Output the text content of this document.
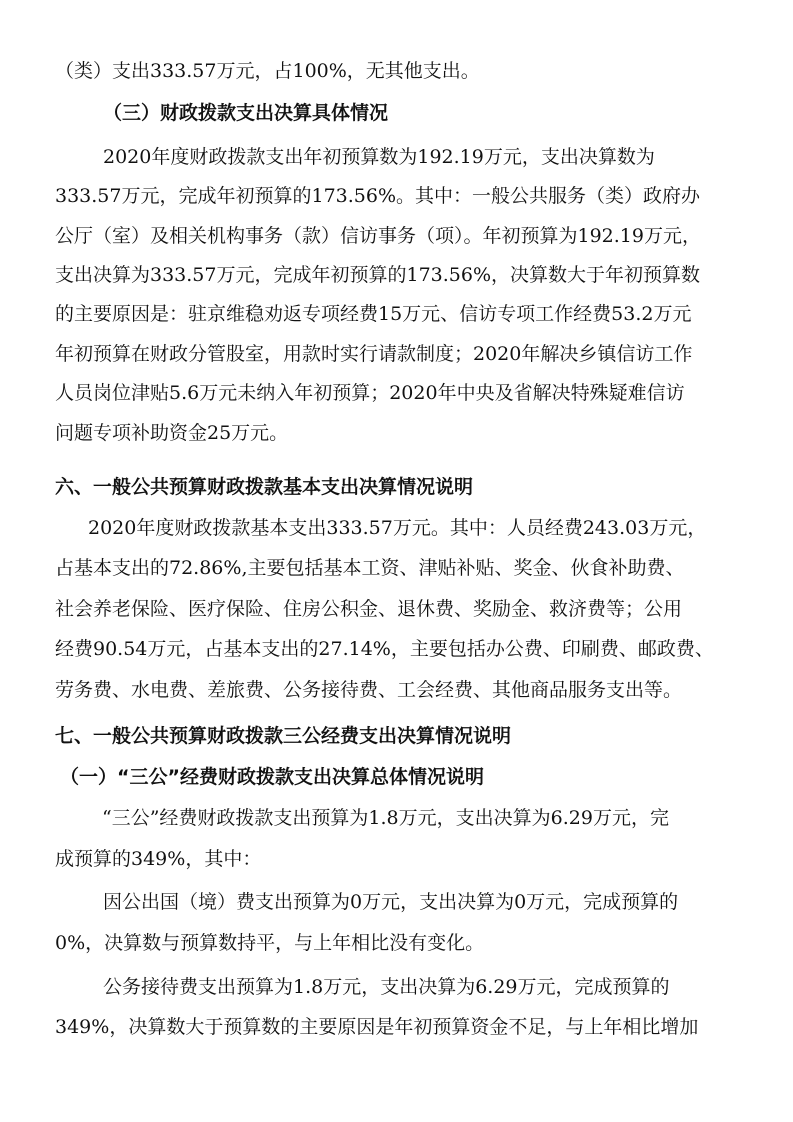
（类）支出333.57万元，占100%，无其他支出。
（三）财政拨款支出决算具体情况
2020年度财政拨款支出年初预算数为192.19万元，支出决算数为
333.57万元，完成年初预算的173.56%。其中：一般公共服务（类）政府办
公厅（室）及相关机构事务（款）信访事务（项）。年初预算为192.19万元，
支出决算为333.57万元，完成年初预算的173.56%，决算数大于年初预算数
的主要原因是：驻京维稳劝返专项经费15万元、信访专项工作经费53.2万元
年初预算在财政分管股室，用款时实行请款制度；2020年解决乡镇信访工作
人员岗位津贴5.6万元未纳入年初预算；2020年中央及省解决特殊疑难信访
问题专项补助资金25万元。
六、一般公共预算财政拨款基本支出决算情况说明
2020年度财政拨款基本支出333.57万元。其中：人员经费243.03万元，
占基本支出的72.86%,主要包括基本工资、津贴补贴、奖金、伙食补助费、
社会养老保险、医疗保险、住房公积金、退休费、奖励金、救济费等；公用
经费90.54万元，占基本支出的27.14%，主要包括办公费、印刷费、邮政费、
劳务费、水电费、差旅费、公务接待费、工会经费、其他商品服务支出等。
七、一般公共预算财政拨款三公经费支出决算情况说明
（一）“三公”经费财政拨款支出决算总体情况说明
“三公”经费财政拨款支出预算为1.8万元，支出决算为6.29万元，完
成预算的349%，其中：
因公出国（境）费支出预算为0万元，支出决算为0万元，完成预算的
0%，决算数与预算数持平，与上年相比没有变化。
公务接待费支出预算为1.8万元，支出决算为6.29万元，完成预算的
349%，决算数大于预算数的主要原因是年初预算资金不足，与上年相比增加
